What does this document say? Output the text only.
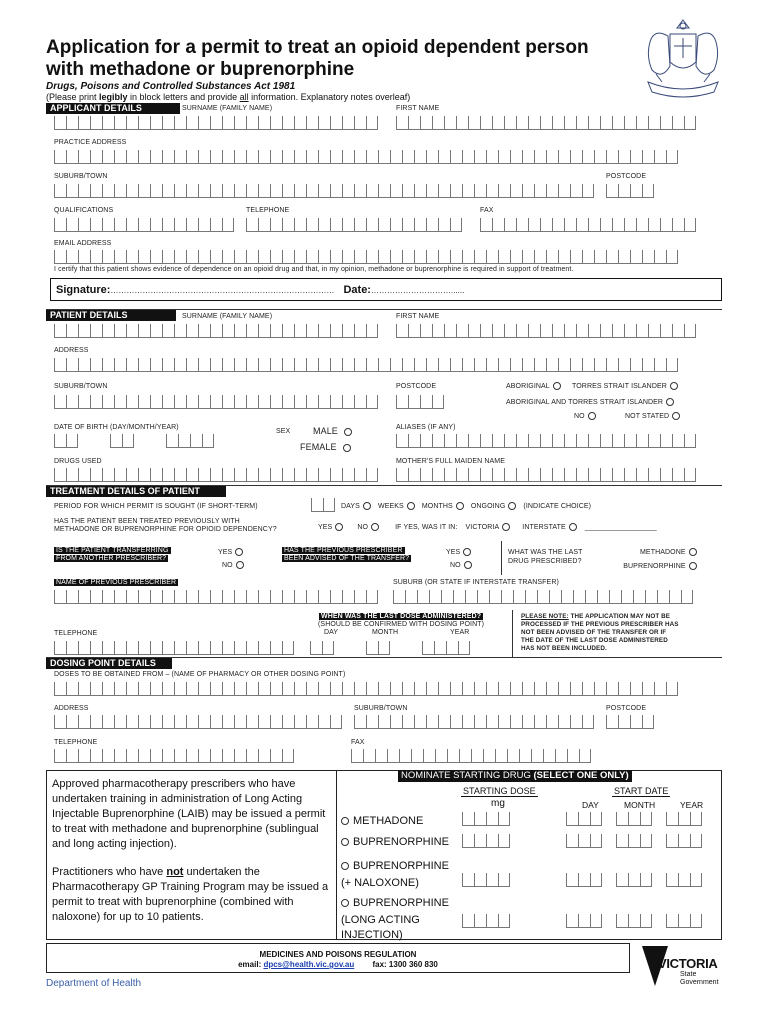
Application for a permit to treat an opioid dependent person
with methadone or buprenorphine
Drugs, Poisons and Controlled Substances Act 1981
(Please print legibly in block letters and provide all information. Explanatory notes overleaf)
APPLICANT DETAILS	SURNAME (FAMILY NAME)	FIRST NAME
PRACTICE ADDRESS
SUBURB/TOWN	POSTCODE
QUALIFICATIONS	TELEPHONE	FAX
EMAIL ADDRESS
I certify that this patient shows evidence of dependence on an opioid drug and that, in my opinion, methadone or buprenorphine is required in support of treatment.
Signature:………………………………………………………………………… Date:…………………………......
PATIENT DETAILS	SURNAME (FAMILY NAME)	FIRST NAME
ADDRESS
SUBURB/TOWN	POSTCODE	ABORIGINAL	TORRES STRAIT ISLANDER
ABORIGINAL AND TORRES STRAIT ISLANDER
NO	NOT STATED
DATE OF BIRTH (DAY/MONTH/YEAR)
SEX	MALE
FEMALE
ALIASES (IF ANY)
DRUGS USED	MOTHER'S FULL MAIDEN NAME
TREATMENT DETAILS OF PATIENT
PERIOD FOR WHICH PERMIT IS SOUGHT (IF SHORT-TERM)	DAYS	WEEKS	MONTHS	ONGOING	(INDICATE CHOICE)
HAS THE PATIENT BEEN TREATED PREVIOUSLY WITH
METHADONE OR BUPRENORPHINE FOR OPIOID DEPENDENCY?	YES	NO	IF YES, WAS IT IN: VICTORIA	INTERSTATE	__________________
IS THE PATIENT TRANSFERRING
FROM ANOTHER PRESCRIBER?
YES
NO
HAS THE PREVIOUS PRESCRIBER
BEEN ADVISED OF THE TRANSFER?
YES
NO
WHAT WAS THE LAST
DRUG PRESCRIBED?
METHADONE
BUPRENORPHINE
NAME OF PREVIOUS PRESCRIBER	SUBURB (OR STATE IF INTERSTATE TRANSFER)
WHEN WAS THE LAST DOSE ADMINISTERED?
(SHOULD BE CONFIRMED WITH DOSING POINT)
DAY	MONTH	YEAR
TELEPHONE
PLEASE NOTE: THE APPLICATION MAY NOT BE
PROCESSED IF THE PREVIOUS PRESCRIBER HAS
NOT BEEN ADVISED OF THE TRANSFER OR IF
THE DATE OF THE LAST DOSE ADMINISTERED
HAS NOT BEEN INCLUDED.
DOSING POINT DETAILS
DOSES TO BE OBTAINED FROM – (NAME OF PHARMACY OR OTHER DOSING POINT)
ADDRESS	SUBURB/TOWN	POSTCODE
TELEPHONE	FAX

Approved pharmacotherapy prescribers who have undertaken training in administration of Long Acting Injectable Buprenorphine (LAIB) may be issued a permit to treat with methadone and buprenorphine (sublingual and long acting injection).

Practitioners who have not undertaken the Pharmacotherapy GP Training Program may be issued a permit to treat with buprenorphine (combined with naloxone) for up to 10 patients.

NOMINATE STARTING DRUG (SELECT ONE ONLY)
STARTING DOSE
mg
START DATE
DAY	MONTH	YEAR
METHADONE
BUPRENORPHINE
BUPRENORPHINE
(+ NALOXONE)
BUPRENORPHINE
(LONG ACTING
INJECTION)
MEDICINES AND POISONS REGULATION
email: dpcs@health.vic.gov.au fax: 1300 360 830
Department of Health
VICTORIA
State
Government
